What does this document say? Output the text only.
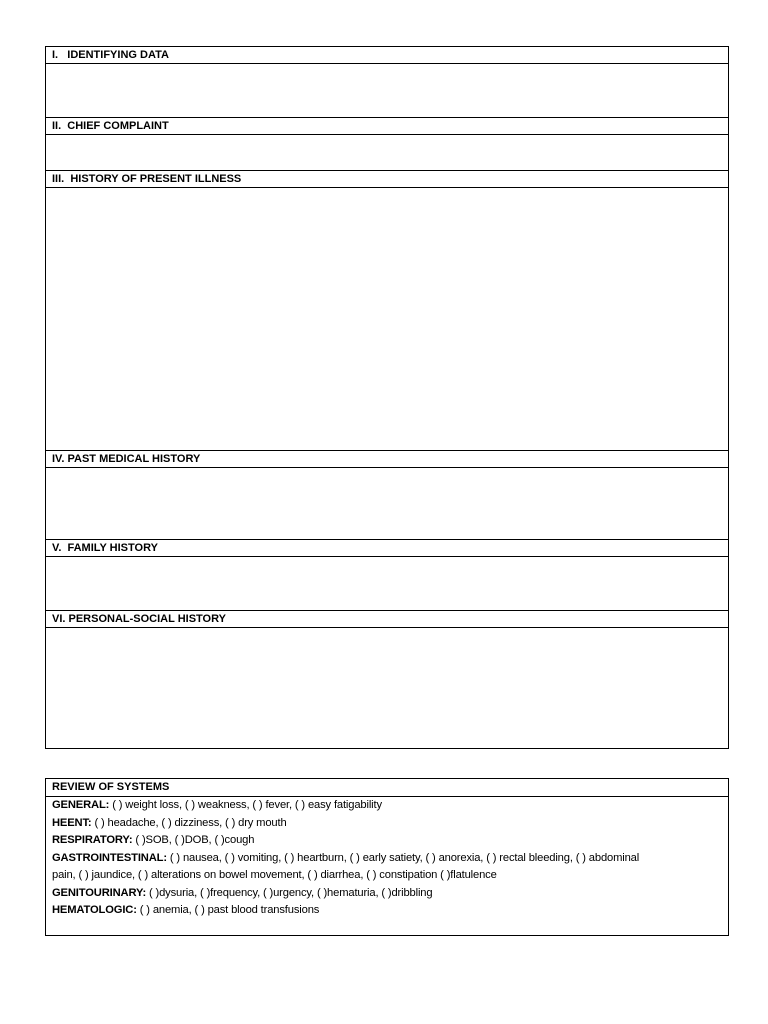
I.   IDENTIFYING DATA
II.  CHIEF COMPLAINT
III.  HISTORY OF PRESENT ILLNESS
IV. PAST MEDICAL HISTORY
V.  FAMILY HISTORY
VI. PERSONAL-SOCIAL HISTORY
REVIEW OF SYSTEMS
GENERAL: ( ) weight loss, ( ) weakness, ( ) fever, ( ) easy fatigability
HEENT: ( ) headache, ( ) dizziness, ( ) dry mouth
RESPIRATORY: ( )SOB, ( )DOB, ( )cough
GASTROINTESTINAL: ( ) nausea, ( ) vomiting, ( ) heartburn, ( ) early satiety, ( ) anorexia, ( ) rectal bleeding, ( ) abdominal
pain, ( ) jaundice, ( ) alterations on bowel movement, ( ) diarrhea, ( ) constipation ( )flatulence
GENITOURINARY: ( )dysuria, ( )frequency, ( )urgency, ( )hematuria, ( )dribbling
HEMATOLOGIC: ( ) anemia, ( ) past blood transfusions
